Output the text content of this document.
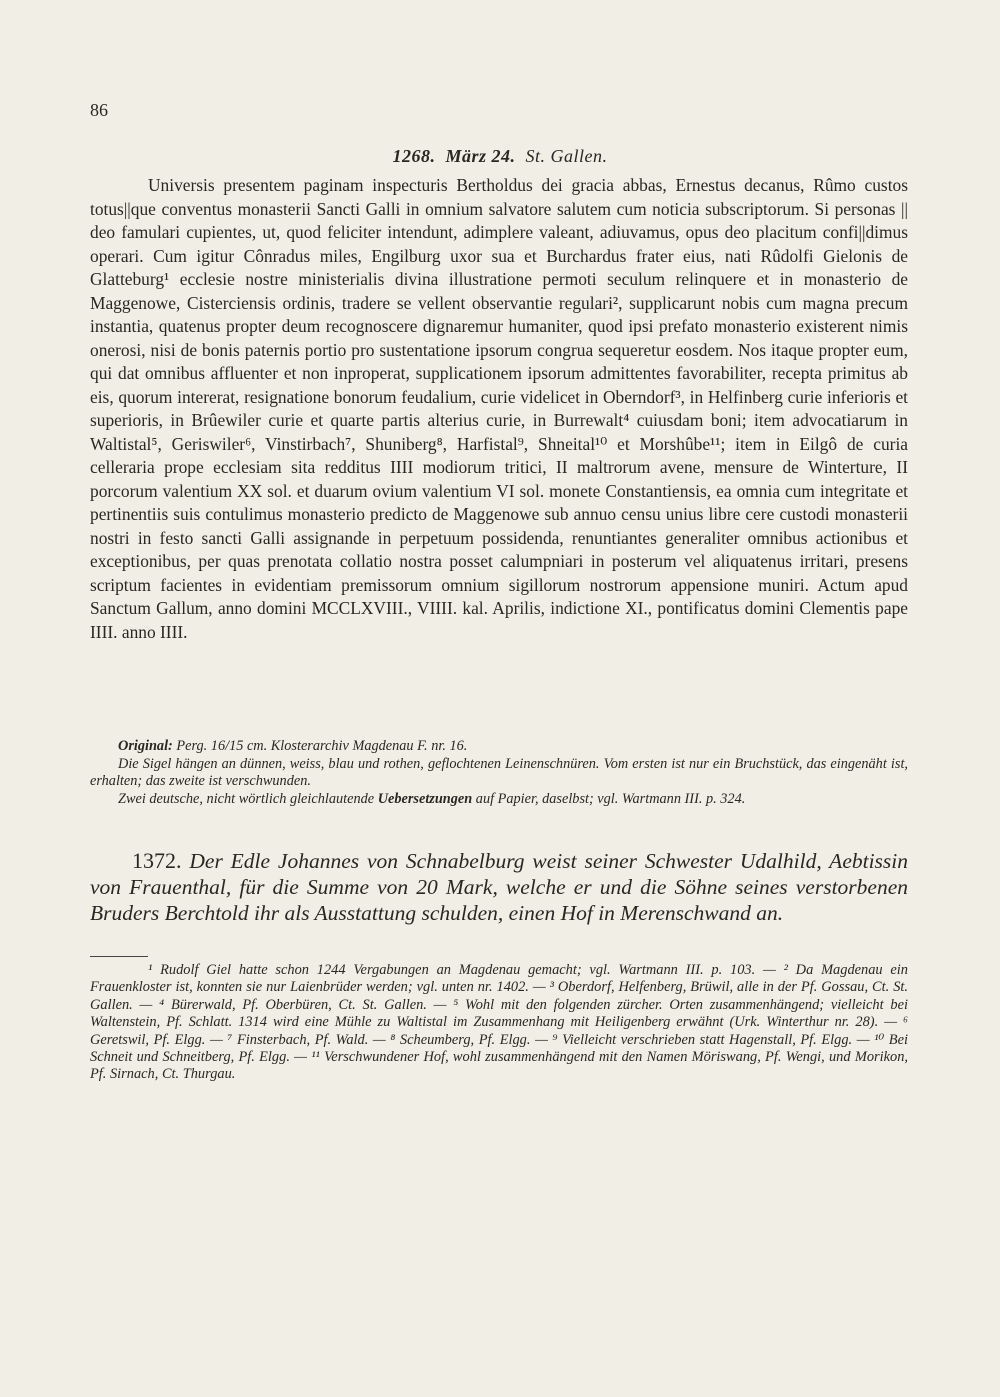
86
1268. März 24. St. Gallen.

Universis presentem paginam inspecturis Bertholdus dei gracia abbas, Ernestus decanus, Rûmo custos totus||que conventus monasterii Sancti Galli in omnium salvatore salutem cum noticia subscriptorum. Si personas || deo famulari cupientes, ut, quod feliciter intendunt, adimplere valeant, adiuvamus, opus deo placitum confi||dimus operari. Cum igitur Cônradus miles, Engilburg uxor sua et Burchardus frater eius, nati Rûdolfi Gielonis de Glatteburg¹ ecclesie nostre ministerialis divina illustratione permoti seculum relinquere et in monasterio de Maggenowe, Cisterciensis ordinis, tradere se vellent observantie regulari², supplicarunt nobis cum magna precum instantia, quatenus propter deum recognoscere dignaremur humaniter, quod ipsi prefato monasterio existerent nimis onerosi, nisi de bonis paternis portio pro sustentatione ipsorum congrua sequeretur eosdem. Nos itaque propter eum, qui dat omnibus affluenter et non inproperat, supplicationem ipsorum admittentes favorabiliter, recepta primitus ab eis, quorum intererat, resignatione bonorum feudalium, curie videlicet in Oberndorf³, in Helfinberg curie inferioris et superioris, in Brûewiler curie et quarte partis alterius curie, in Burrewalt⁴ cuiusdam boni; item advocatiarum in Waltistal⁵, Geriswiler⁶, Vinstirbach⁷, Shuniberg⁸, Harfistal⁹, Shneital¹⁰ et Morshûbe¹¹; item in Eilgô de curia celleraria prope ecclesiam sita redditus IIII modiorum tritici, II maltrorum avene, mensure de Winterture, II porcorum valentium XX sol. et duarum ovium valentium VI sol. monete Constantiensis, ea omnia cum integritate et pertinentiis suis contulimus monasterio predicto de Maggenowe sub annuo censu unius libre cere custodi monasterii nostri in festo sancti Galli assignande in perpetuum possidenda, renuntiantes generaliter omnibus actionibus et exceptionibus, per quas prenotata collatio nostra posset calumpniari in posterum vel aliquatenus irritari, presens scriptum facientes in evidentiam premissorum omnium sigillorum nostrorum appensione muniri. Actum apud Sanctum Gallum, anno domini MCCLXVIII., VIIII. kal. Aprilis, indictione XI., pontificatus domini Clementis pape IIII. anno IIII.

Original: Perg. 16/15 cm. Klosterarchiv Magdenau F. nr. 16.

Die Sigel hängen an dünnen, weiss, blau und rothen, geflochtenen Leinenschnüren. Vom ersten ist nur ein Bruchstück, das eingenäht ist, erhalten; das zweite ist verschwunden.

Zwei deutsche, nicht wörtlich gleichlautende Uebersetzungen auf Papier, daselbst; vgl. Wartmann III. p. 324.

1372. Der Edle Johannes von Schnabelburg weist seiner Schwester Udalhild, Aebtissin von Frauenthal, für die Summe von 20 Mark, welche er und die Söhne seines verstorbenen Bruders Berchtold ihr als Ausstattung schulden, einen Hof in Merenschwand an.

¹ Rudolf Giel hatte schon 1244 Vergabungen an Magdenau gemacht; vgl. Wartmann III. p. 103. — ² Da Magdenau ein Frauenkloster ist, konnten sie nur Laienbrüder werden; vgl. unten nr. 1402. — ³ Oberdorf, Helfenberg, Brüwil, alle in der Pf. Gossau, Ct. St. Gallen. — ⁴ Bürerwald, Pf. Oberbüren, Ct. St. Gallen. — ⁵ Wohl mit den folgenden zürcher. Orten zusammenhängend; vielleicht bei Waltenstein, Pf. Schlatt. 1314 wird eine Mühle zu Waltistal im Zusammenhang mit Heiligenberg erwähnt (Urk. Winterthur nr. 28). — ⁶ Geretswil, Pf. Elgg. — ⁷ Finsterbach, Pf. Wald. — ⁸ Scheumberg, Pf. Elgg. — ⁹ Vielleicht verschrieben statt Hagenstall, Pf. Elgg. — ¹⁰ Bei Schneit und Schneitberg, Pf. Elgg. — ¹¹ Verschwundener Hof, wohl zusammenhängend mit den Namen Möriswang, Pf. Wengi, und Morikon, Pf. Sirnach, Ct. Thurgau.
